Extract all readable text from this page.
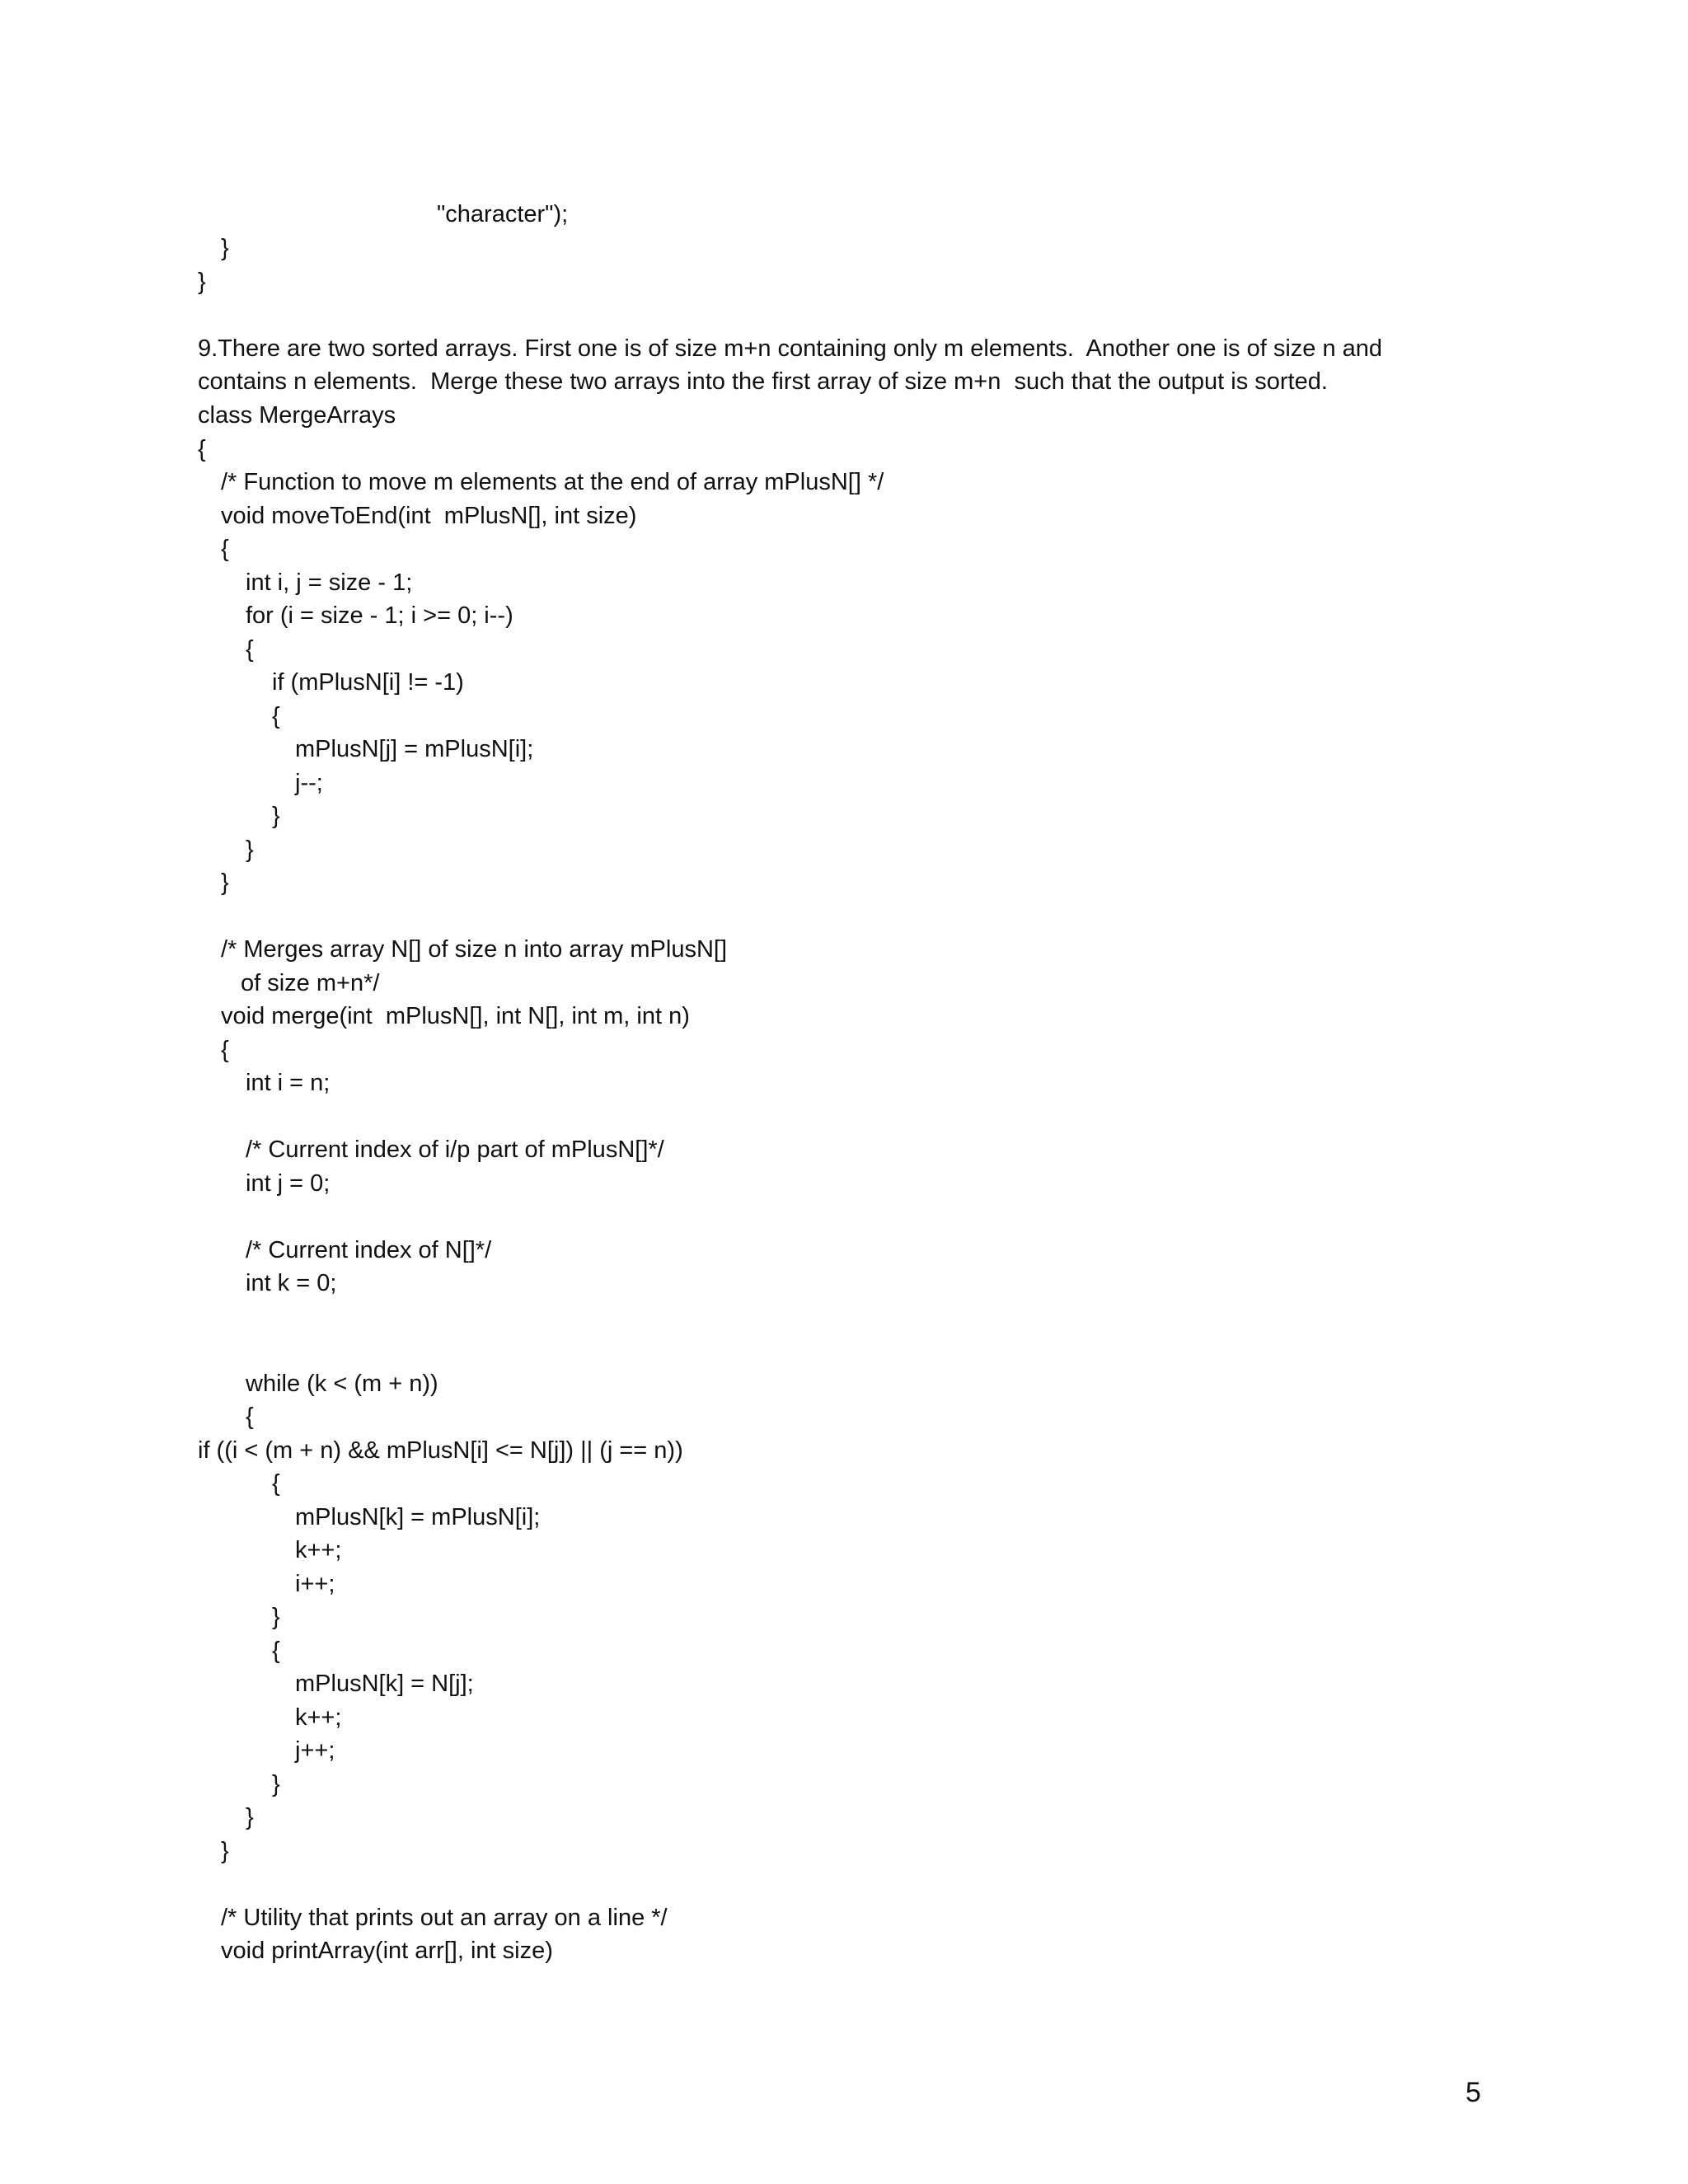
"character");
}
}
9.There are two sorted arrays. First one is of size m+n containing only m elements.  Another one is of size n and
contains n elements.  Merge these two arrays into the first array of size m+n  such that the output is sorted.
class MergeArrays
{
/* Function to move m elements at the end of array mPlusN[] */
void moveToEnd(int  mPlusN[], int size)
{
int i, j = size - 1;
for (i = size - 1; i >= 0; i--)
{
if (mPlusN[i] != -1)
{
mPlusN[j] = mPlusN[i];
j--;
}
}
}
/* Merges array N[] of size n into array mPlusN[]
of size m+n*/
void merge(int  mPlusN[], int N[], int m, int n)
{
int i = n;
/* Current index of i/p part of mPlusN[]*/
int j = 0;
/* Current index of N[]*/
int k = 0;
while (k < (m + n))
{
if ((i < (m + n) && mPlusN[i] <= N[j]) || (j == n))
{
mPlusN[k] = mPlusN[i];
k++;
i++;
}
{
mPlusN[k] = N[j];
k++;
j++;
}
}
}
/* Utility that prints out an array on a line */
void printArray(int arr[], int size)
5
